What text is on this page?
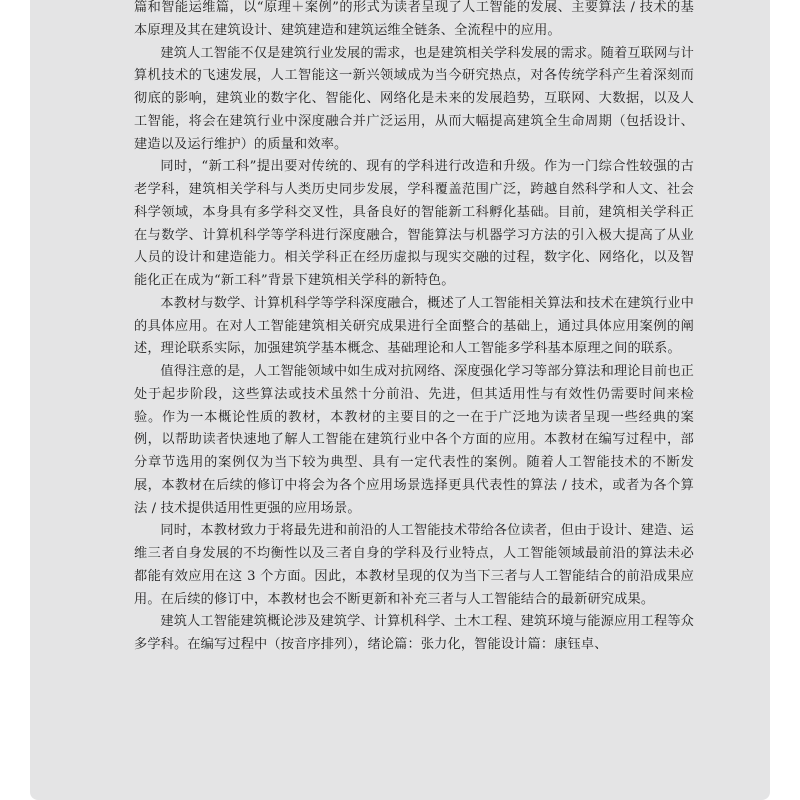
篇和智能运维篇，以“原理＋案例”的形式为读者呈现了人工智能的发展、主要算法 / 技术的基本原理及其在建筑设计、建筑建造和建筑运维全链条、全流程中的应用。

建筑人工智能不仅是建筑行业发展的需求，也是建筑相关学科发展的需求。随着互联网与计算机技术的飞速发展，人工智能这一新兴领域成为当今研究热点，对各传统学科产生着深刻而彻底的影响，建筑业的数字化、智能化、网络化是未来的发展趋势，互联网、大数据，以及人工智能，将会在建筑行业中深度融合并广泛运用，从而大幅提高建筑全生命周期（包括设计、建造以及运行维护）的质量和效率。

同时，“新工科”提出要对传统的、现有的学科进行改造和升级。作为一门综合性较强的古老学科，建筑相关学科与人类历史同步发展，学科覆盖范围广泛，跨越自然科学和人文、社会科学领域，本身具有多学科交叉性，具备良好的智能新工科孵化基础。目前，建筑相关学科正在与数学、计算机科学等学科进行深度融合，智能算法与机器学习方法的引入极大提高了从业人员的设计和建造能力。相关学科正在经历虚拟与现实交融的过程，数字化、网络化，以及智能化正在成为“新工科”背景下建筑相关学科的新特色。

本教材与数学、计算机科学等学科深度融合，概述了人工智能相关算法和技术在建筑行业中的具体应用。在对人工智能建筑相关研究成果进行全面整合的基础上，通过具体应用案例的阐述，理论联系实际，加强建筑学基本概念、基础理论和人工智能多学科基本原理之间的联系。

值得注意的是，人工智能领域中如生成对抗网络、深度强化学习等部分算法和理论目前也正处于起步阶段，这些算法或技术虽然十分前沿、先进，但其适用性与有效性仍需要时间来检验。作为一本概论性质的教材，本教材的主要目的之一在于广泛地为读者呈现一些经典的案例，以帮助读者快速地了解人工智能在建筑行业中各个方面的应用。本教材在编写过程中，部分章节选用的案例仅为当下较为典型、具有一定代表性的案例。随着人工智能技术的不断发展，本教材在后续的修订中将会为各个应用场景选择更具代表性的算法 / 技术，或者为各个算法 / 技术提供适用性更强的应用场景。

同时，本教材致力于将最先进和前沿的人工智能技术带给各位读者，但由于设计、建造、运维三者自身发展的不均衡性以及三者自身的学科及行业特点，人工智能领域最前沿的算法未必都能有效应用在这 3 个方面。因此，本教材呈现的仅为当下三者与人工智能结合的前沿成果应用。在后续的修订中，本教材也会不断更新和补充三者与人工智能结合的最新研究成果。

建筑人工智能建筑概论涉及建筑学、计算机科学、土木工程、建筑环境与能源应用工程等众多学科。在编写过程中（按音序排列），绪论篇：张力化，智能设计篇：康钰卓、
